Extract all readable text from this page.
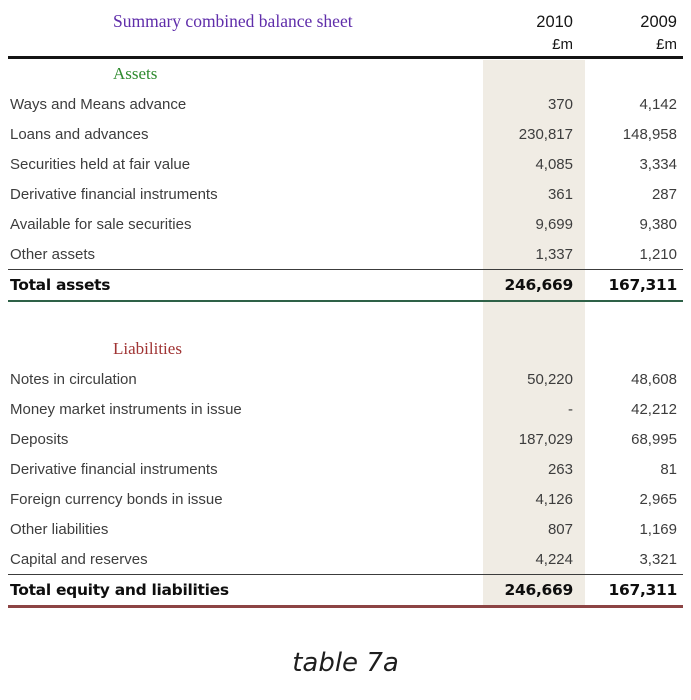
Summary combined balance sheet	2010	2009
£m	£m
Assets
Ways and Means advance	370	4,142
Loans and advances	230,817	148,958
Securities held at fair value	4,085	3,334
Derivative financial instruments	361	287
Available for sale securities	9,699	9,380
Other assets	1,337	1,210
Total assets	246,669	167,311
Liabilities
Notes in circulation	50,220	48,608
Money market instruments in issue	-	42,212
Deposits	187,029	68,995
Derivative financial instruments	263	81
Foreign currency bonds in issue	4,126	2,965
Other liabilities	807	1,169
Capital and reserves	4,224	3,321
Total equity and liabilities	246,669	167,311
table 7a
